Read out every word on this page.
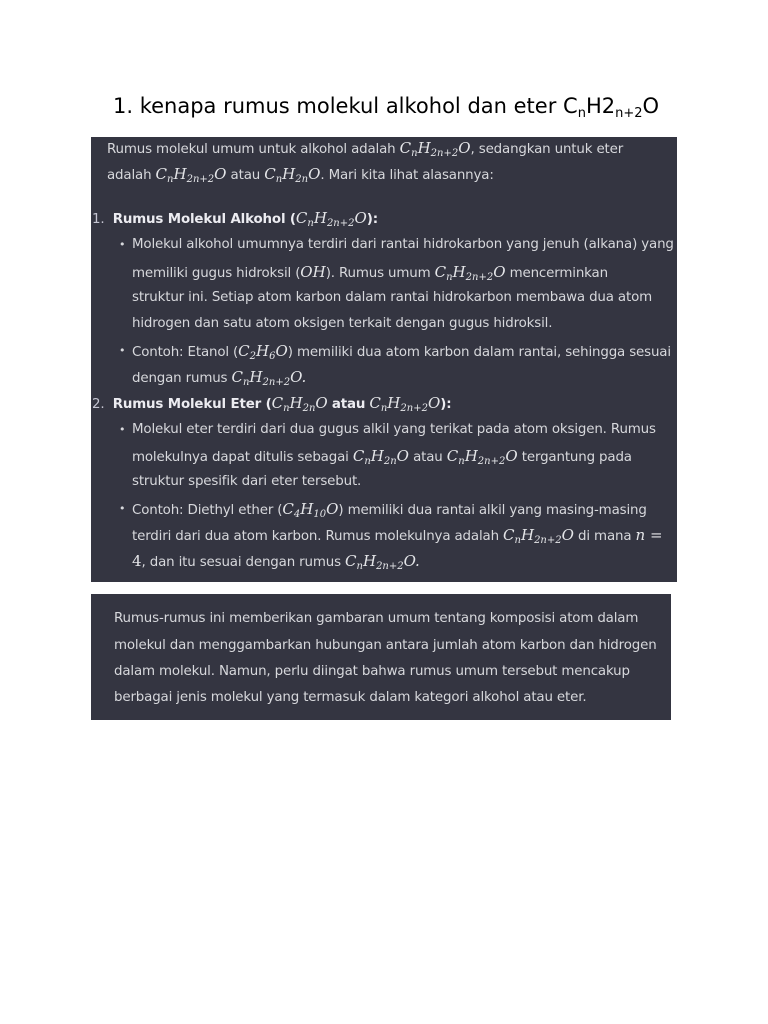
1. kenapa rumus molekul alkohol dan eter $C_nH2_{n+2}O$
Rumus molekul umum untuk alkohol adalah $C_nH_{2n+2}O$, sedangkan untuk eter
adalah $C_nH_{2n+2}O$ atau $C_nH_{2n}O$. Mari kita lihat alasannya:
1. Rumus Molekul Alkohol $(C_nH_{2n+2}O)$:
• Molekul alkohol umumnya terdiri dari rantai hidrokarbon yang jenuh (alkana) yang
memiliki gugus hidroksil (OH). Rumus umum $C_nH_{2n+2}O$ mencerminkan
struktur ini. Setiap atom karbon dalam rantai hidrokarbon membawa dua atom
hidrogen dan satu atom oksigen terkait dengan gugus hidroksil.
• Contoh: Etanol $(C_2H_6O)$ memiliki dua atom karbon dalam rantai, sehingga sesuai
dengan rumus $C_nH_{2n+2}O$.
2. Rumus Molekul Eter ($C_nH_{2n}O$ atau $C_nH_{2n+2}O$):
• Molekul eter terdiri dari dua gugus alkil yang terikat pada atom oksigen. Rumus
molekulnya dapat ditulis sebagai $C_nH_{2n}O$ atau $C_nH_{2n+2}O$ tergantung pada
struktur spesifik dari eter tersebut.
• Contoh: Diethyl ether $(C_4H_{10}O)$ memiliki dua rantai alkil yang masing-masing
terdiri dari dua atom karbon. Rumus molekulnya adalah $C_nH_{2n+2}O$ di mana n =
4, dan itu sesuai dengan rumus $C_nH_{2n+2}O$.
Rumus-rumus ini memberikan gambaran umum tentang komposisi atom dalam
molekul dan menggambarkan hubungan antara jumlah atom karbon dan hidrogen
dalam molekul. Namun, perlu diingat bahwa rumus umum tersebut mencakup
berbagai jenis molekul yang termasuk dalam kategori alkohol atau eter.
